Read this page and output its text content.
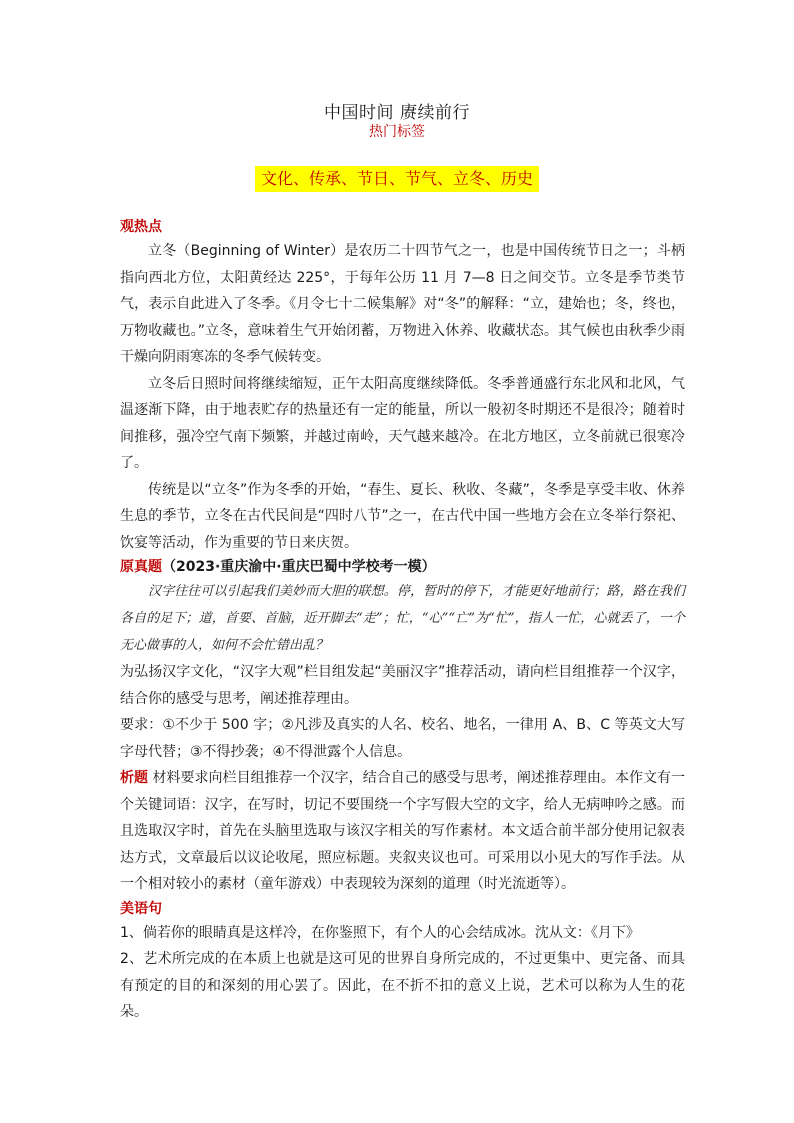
中国时间 赓续前行
热门标签
文化、传承、节日、节气、立冬、历史
观热点

立冬（Beginning of Winter）是农历二十四节气之一，也是中国传统节日之一；斗柄指向西北方位，太阳黄经达 225°，于每年公历 11 月 7—8 日之间交节。立冬是季节类节气，表示自此进入了冬季。《月令七十二候集解》对“冬”的解释：“立，建始也；冬，终也，万物收藏也。”立冬，意味着生气开始闭蓄，万物进入休养、收藏状态。其气候也由秋季少雨干燥向阴雨寒冻的冬季气候转变。

立冬后日照时间将继续缩短，正午太阳高度继续降低。冬季普通盛行东北风和北风，气温逐渐下降，由于地表贮存的热量还有一定的能量，所以一般初冬时期还不是很冷；随着时间推移，强冷空气南下频繁，并越过南岭，天气越来越冷。在北方地区，立冬前就已很寒冷了。

传统是以“立冬”作为冬季的开始，“春生、夏长、秋收、冬藏”，冬季是享受丰收、休养生息的季节，立冬在古代民间是“四时八节”之一，在古代中国一些地方会在立冬举行祭祀、饮宴等活动，作为重要的节日来庆贺。

原真题（2023·重庆渝中·重庆巴蜀中学校考一模）

汉字往往可以引起我们美妙而大胆的联想。停，暂时的停下，才能更好地前行；路，路在我们各自的足下；道，首要、首脑，近开脚去“走”；忙，“心”“亡”为“忙”，指人一忙，心就丢了，一个无心做事的人，如何不会忙错出乱？

为弘扬汉字文化，“汉字大观”栏目组发起“美丽汉字”推荐活动，请向栏目组推荐一个汉字，结合你的感受与思考，阐述推荐理由。

要求：①不少于 500 字；②凡涉及真实的人名、校名、地名，一律用 A、B、C 等英文大写字母代替；③不得抄袭；④不得泄露个人信息。

析题 材料要求向栏目组推荐一个汉字，结合自己的感受与思考，阐述推荐理由。本作文有一个关键词语：汉字，在写时，切记不要围绕一个字写假大空的文字，给人无病呻吟之感。而且选取汉字时，首先在头脑里选取与该汉字相关的写作素材。本文适合前半部分使用记叙表达方式，文章最后以议论收尾，照应标题。夹叙夹议也可。可采用以小见大的写作手法。从一个相对较小的素材（童年游戏）中表现较为深刻的道理（时光流逝等）。

美语句

1、倘若你的眼睛真是这样冷，在你鉴照下，有个人的心会结成冰。沈从文：《月下》

2、艺术所完成的在本质上也就是这可见的世界自身所完成的，不过更集中、更完备、而具有预定的目的和深刻的用心罢了。因此，在不折不扣的意义上说，艺术可以称为人生的花朵。
